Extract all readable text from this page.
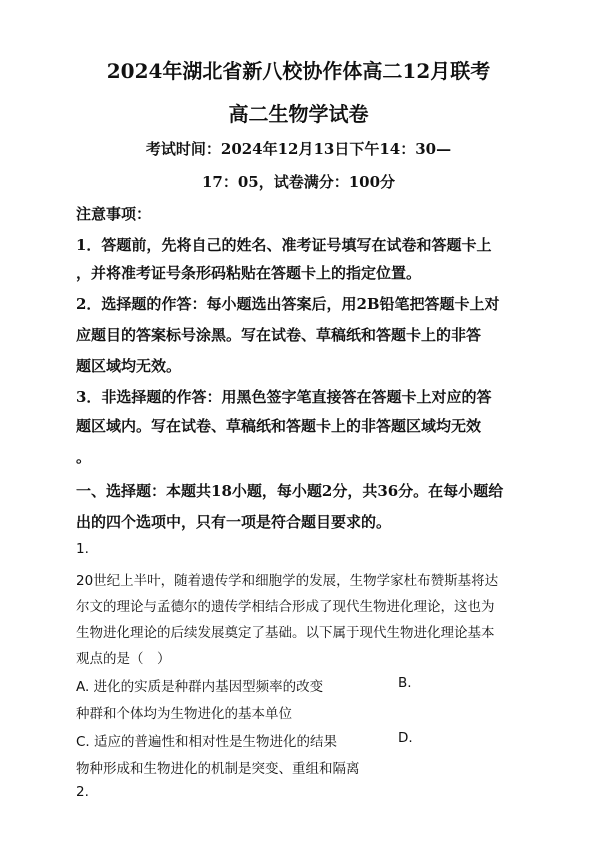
2024年湖北省新八校协作体高二12月联考
高二生物学试卷
考试时间：2024年12月13日下午14：30—
17：05，试卷满分：100分
注意事项：
1．答题前，先将自己的姓名、准考证号填写在试卷和答题卡上
，并将准考证号条形码粘贴在答题卡上的指定位置。
2．选择题的作答：每小题选出答案后，用2B铅笔把答题卡上对
应题目的答案标号涂黑。写在试卷、草稿纸和答题卡上的非答
题区域均无效。
3．非选择题的作答：用黑色签字笔直接答在答题卡上对应的答
题区域内。写在试卷、草稿纸和答题卡上的非答题区域均无效
。
一、选择题：本题共18小题，每小题2分，共36分。在每小题给
出的四个选项中，只有一项是符合题目要求的。
1.
20世纪上半叶，随着遗传学和细胞学的发展，生物学家杜布赞斯基将达
尔文的理论与孟德尔的遗传学相结合形成了现代生物进化理论，这也为
生物进化理论的后续发展奠定了基础。以下属于现代生物进化理论基本
观点的是（　）
A. 进化的实质是种群内基因型频率的改变	B.
种群和个体均为生物进化的基本单位
C. 适应的普遍性和相对性是生物进化的结果	D.
物种形成和生物进化的机制是突变、重组和隔离
2.
